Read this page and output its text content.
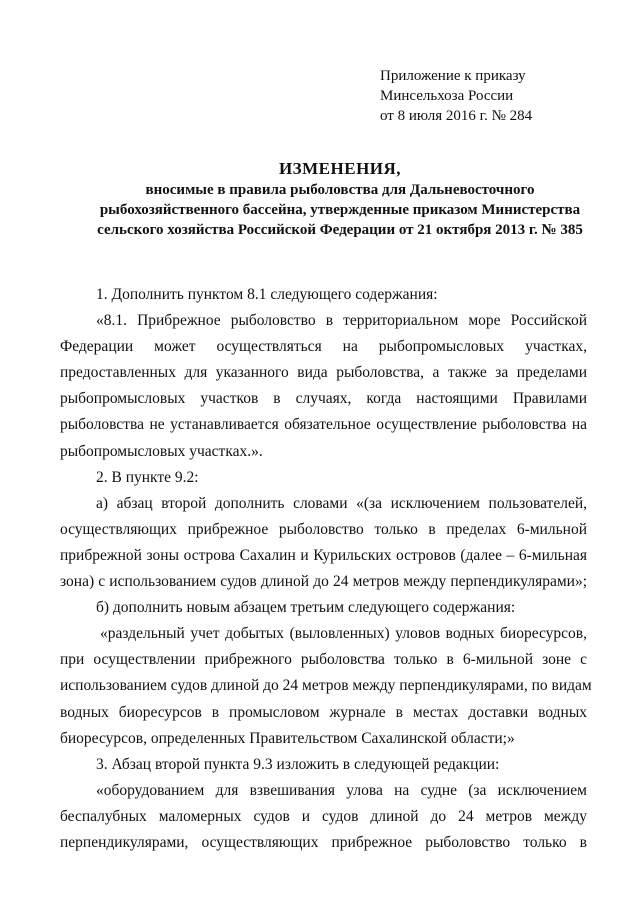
Приложение к приказу
Минсельхоза России
от 8 июля 2016 г. № 284
ИЗМЕНЕНИЯ,
вносимые в правила рыболовства для Дальневосточного
рыбохозяйственного бассейна, утвержденные приказом Министерства
сельского хозяйства Российской Федерации от 21 октября 2013 г. № 385
1. Дополнить пунктом 8.1 следующего содержания:
«8.1. Прибрежное рыболовство в территориальном море Российской
Федерации может осуществляться на рыбопромысловых участках,
предоставленных для указанного вида рыболовства, а также за пределами
рыбопромысловых участков в случаях, когда настоящими Правилами
рыболовства не устанавливается обязательное осуществление рыболовства на
рыбопромысловых участках.».
2. В пункте 9.2:
а) абзац второй дополнить словами «(за исключением пользователей,
осуществляющих прибрежное рыболовство только в пределах 6-мильной
прибрежной зоны острова Сахалин и Курильских островов (далее – 6-мильная
зона) с использованием судов длиной до 24 метров между перпендикулярами»;
б) дополнить новым абзацем третьим следующего содержания:
«раздельный учет добытых (выловленных) уловов водных биоресурсов,
при осуществлении прибрежного рыболовства только в 6-мильной зоне с
использованием судов длиной до 24 метров между перпендикулярами, по видам
водных биоресурсов в промысловом журнале в местах доставки водных
биоресурсов, определенных Правительством Сахалинской области;»
3. Абзац второй пункта 9.3 изложить в следующей редакции:
«оборудованием для взвешивания улова на судне (за исключением
беспалубных маломерных судов и судов длиной до 24 метров между
перпендикулярами, осуществляющих прибрежное рыболовство только в
